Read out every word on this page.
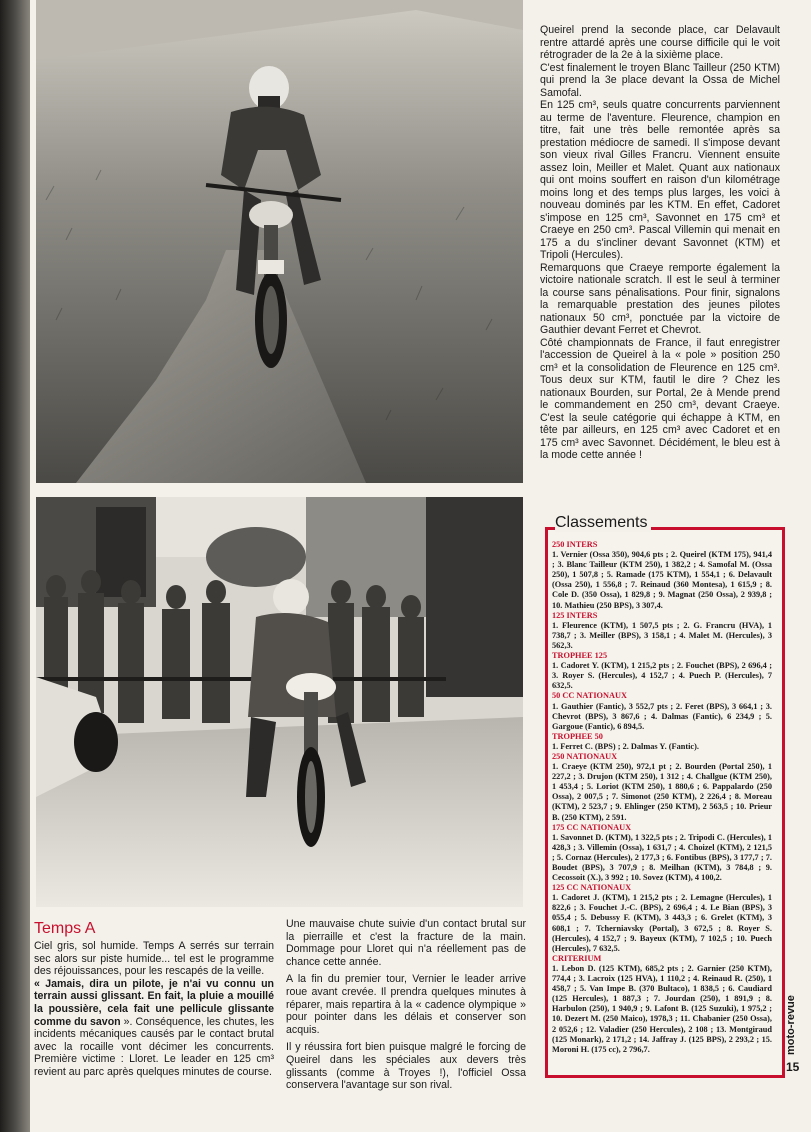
Queirel prend la seconde place, car Delavault rentre attardé après une course difficile qui le voit rétrograder de la 2e à la sixième place.

C'est finalement le troyen Blanc Tailleur (250 KTM) qui prend la 3e place devant la Ossa de Michel Samofal.

En 125 cm³, seuls quatre concurrents parviennent au terme de l'aventure. Fleurence, champion en titre, fait une très belle remontée après sa prestation médiocre de samedi. Il s'impose devant son vieux rival Gilles Francru. Viennent ensuite assez loin, Meiller et Malet. Quant aux nationaux qui ont moins souffert en raison d'un kilométrage moins long et des temps plus larges, les voici à nouveau dominés par les KTM. En effet, Cadoret s'impose en 125 cm³, Savonnet en 175 cm³ et Craeye en 250 cm³. Pascal Villemin qui menait en 175 a du s'incliner devant Savonnet (KTM) et Tripoli (Hercules).

Remarquons que Craeye remporte également la victoire nationale scratch. Il est le seul à terminer la course sans pénalisations. Pour finir, signalons la remarquable prestation des jeunes pilotes nationaux 50 cm³, ponctuée par la victoire de Gauthier devant Ferret et Chevrot.

Côté championnats de France, il faut enregistrer l'accession de Queirel à la « pole » position 250 cm³ et la consolidation de Fleurence en 125 cm³. Tous deux sur KTM, fautil le dire ? Chez les nationaux Bourden, sur Portal, 2e à Mende prend le commandement en 250 cm³, devant Craeye. C'est la seule catégorie qui échappe à KTM, en tête par ailleurs, en 125 cm³ avec Cadoret et en 175 cm³ avec Savonnet. Décidément, le bleu est à la mode cette année !

Temps A

Ciel gris, sol humide. Temps A serrés sur terrain sec alors sur piste humide... tel est le programme des réjouissances, pour les rescapés de la veille.

« Jamais, dira un pilote, je n'ai vu connu un terrain aussi glissant. En fait, la pluie a mouillé la poussière, cela fait une pellicule glissante comme du savon ». Conséquence, les chutes, les incidents mécaniques causés par le contact brutal avec la rocaille vont décimer les concurrents. Première victime : Lloret. Le leader en 125 cm³ revient au parc après quelques minutes de course.

Une mauvaise chute suivie d'un contact brutal sur la pierraille et c'est la fracture de la main. Dommage pour Lloret qui n'a réellement pas de chance cette année.

A la fin du premier tour, Vernier le leader arrive roue avant crevée. Il prendra quelques minutes à réparer, mais repartira à la « cadence olympique » pour pointer dans les délais et conserver son acquis.

Il y réussira fort bien puisque malgré le forcing de Queirel dans les spéciales aux devers très glissants (comme à Troyes !), l'officiel Ossa conservera l'avantage sur son rival.

Classements
250 INTERS
1. Vernier (Ossa 350), 904,6 pts ; 2. Queirel (KTM 175), 941,4 ; 3. Blanc Tailleur (KTM 250), 1 382,2 ; 4. Samofal M. (Ossa 250), 1 507,8 ; 5. Ramade (175 KTM), 1 554,1 ; 6. Delavault (Ossa 250), 1 556,8 ; 7. Reinaud (360 Montesa), 1 615,9 ; 8. Cole D. (350 Ossa), 1 829,8 ; 9. Magnat (250 Ossa), 2 939,8 ; 10. Mathieu (250 BPS), 3 307,4.
125 INTERS
1. Fleurence (KTM), 1 507,5 pts ; 2. G. Francru (HVA), 1 738,7 ; 3. Meiller (BPS), 3 158,1 ; 4. Malet M. (Hercules), 3 562,3.
TROPHEE 125
1. Cadoret Y. (KTM), 1 215,2 pts ; 2. Fouchet (BPS), 2 696,4 ; 3. Royer S. (Hercules), 4 152,7 ; 4. Puech P. (Hercules), 7 632,5.
50 CC NATIONAUX
1. Gauthier (Fantic), 3 552,7 pts ; 2. Feret (BPS), 3 664,1 ; 3. Chevrot (BPS), 3 867,6 ; 4. Dalmas (Fantic), 6 234,9 ; 5. Gargoue (Fantic), 6 894,5.
TROPHEE 50
1. Ferret C. (BPS) ; 2. Dalmas Y. (Fantic).
250 NATIONAUX
1. Craeye (KTM 250), 972,1 pt ; 2. Bourden (Portal 250), 1 227,2 ; 3. Drujon (KTM 250), 1 312 ; 4. Challgue (KTM 250), 1 453,4 ; 5. Loriot (KTM 250), 1 880,6 ; 6. Pappalardo (250 Ossa), 2 007,5 ; 7. Simonot (250 KTM), 2 226,4 ; 8. Moreau (KTM), 2 523,7 ; 9. Ehlinger (250 KTM), 2 563,5 ; 10. Prieur B. (250 KTM), 2 591.
175 CC NATIONAUX
1. Savonnet D. (KTM), 1 322,5 pts ; 2. Tripodi C. (Hercules), 1 428,3 ; 3. Villemin (Ossa), 1 631,7 ; 4. Choizel (KTM), 2 121,5 ; 5. Cornaz (Hercules), 2 177,3 ; 6. Fontibus (BPS), 3 177,7 ; 7. Boudet (BPS), 3 707,9 ; 8. Meilhan (KTM), 3 784,8 ; 9. Cecossoit (X.), 3 992 ; 10. Sovez (KTM), 4 100,2.
125 CC NATIONAUX
1. Cadoret J. (KTM), 1 215,2 pts ; 2. Lemagne (Hercules), 1 822,6 ; 3. Fouchet J.-C. (BPS), 2 696,4 ; 4. Le Bian (BPS), 3 055,4 ; 5. Debussy F. (KTM), 3 443,3 ; 6. Grelet (KTM), 3 608,1 ; 7. Tcherniavsky (Portal), 3 672,5 ; 8. Royer S. (Hercules), 4 152,7 ; 9. Bayeux (KTM), 7 102,5 ; 10. Puech (Hercules), 7 632,5.
CRITERIUM
1. Lebon D. (125 KTM), 685,2 pts ; 2. Garnier (250 KTM), 774,4 ; 3. Lacroix (125 HVA), 1 110,2 ; 4. Reinaud R. (250), 1 458,7 ; 5. Van Impe B. (370 Bultaco), 1 838,5 ; 6. Caudiard (125 Hercules), 1 887,3 ; 7. Jourdan (250), 1 891,9 ; 8. Harbulon (250), 1 940,9 ; 9. Lafont B. (125 Suzuki), 1 975,2 ; 10. Dezert M. (250 Maico), 1978,3 ; 11. Chabanier (250 Ossa), 2 052,6 ; 12. Valadier (250 Hercules), 2 108 ; 13. Montgiraud (125 Monark), 2 171,2 ; 14. Jaffray J. (125 BPS), 2 293,2 ; 15. Moroni H. (175 cc), 2 796,7.	moto-revue
15
